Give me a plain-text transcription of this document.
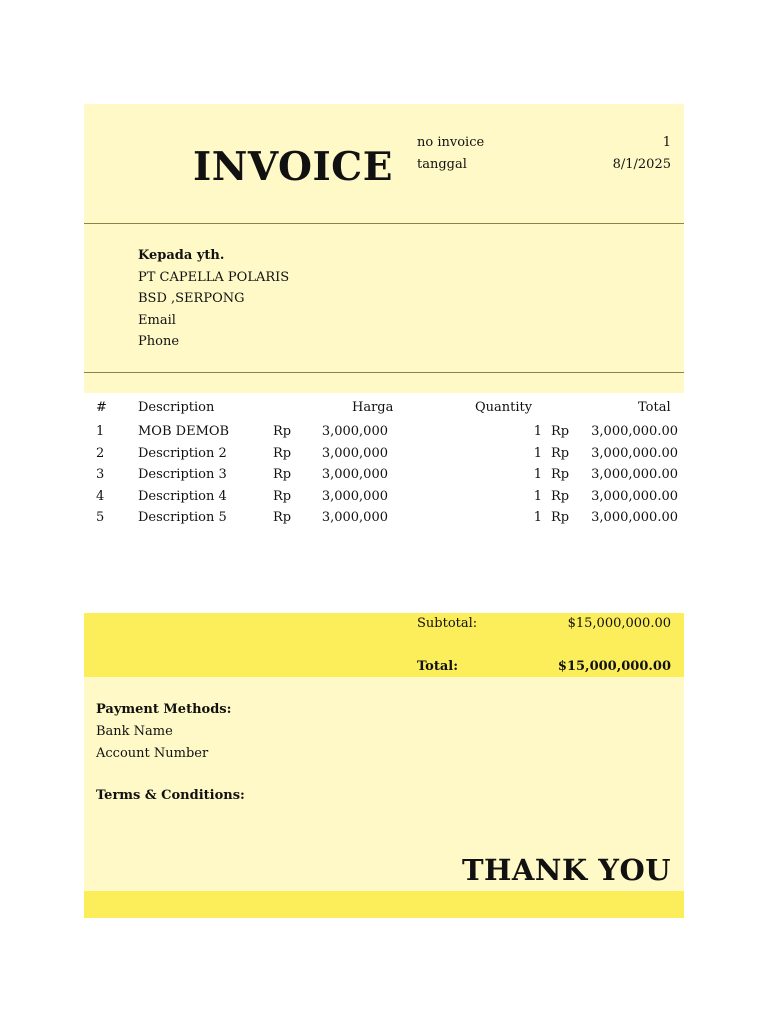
INVOICE
no invoice	1
tanggal	8/1/2025
Kepada yth.
PT CAPELLA POLARIS
BSD ,SERPONG
Email
Phone
# Description	Harga	Quantity	Total
1	MOB DEMOB	Rp 3,000,000	1 Rp 3,000,000.00
2	Description 2	Rp 3,000,000	1 Rp 3,000,000.00
3	Description 3	Rp 3,000,000	1 Rp 3,000,000.00
4	Description 4	Rp 3,000,000	1 Rp 3,000,000.00
5	Description 5	Rp 3,000,000	1 Rp 3,000,000.00
Subtotal:	$15,000,000.00
Total:	$15,000,000.00
Payment Methods:
Bank Name
Account Number
Terms & Conditions:
THANK YOU
